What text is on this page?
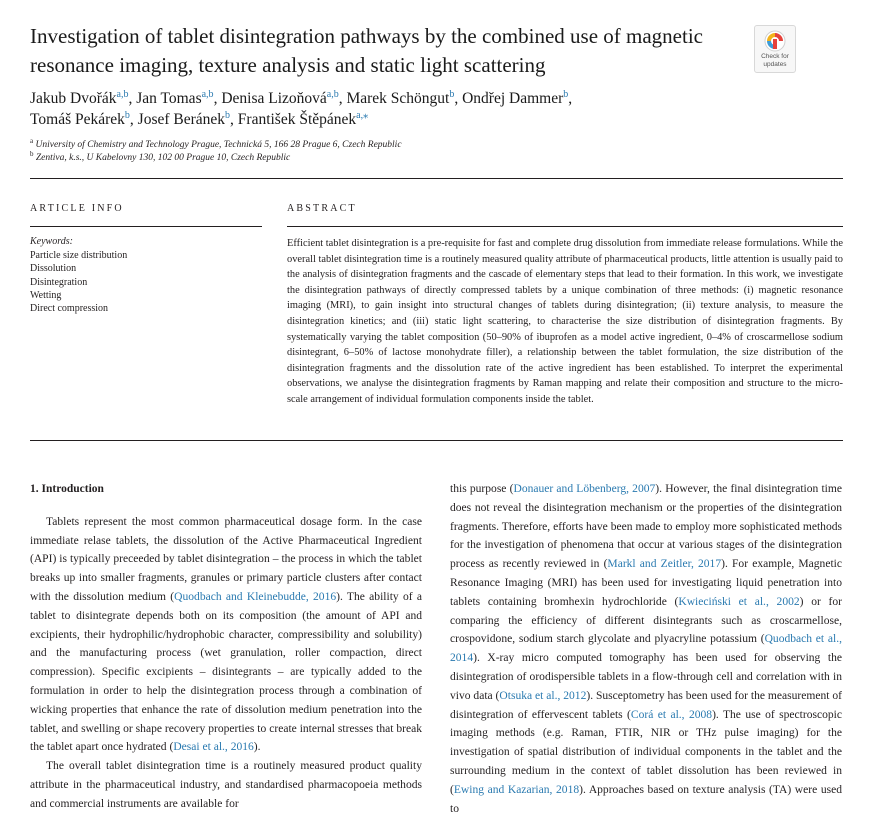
Investigation of tablet disintegration pathways by the combined use of magnetic resonance imaging, texture analysis and static light scattering	Check for
updates
Jakub Dvořák$^{a,b}$, Jan Tomas$^{a,b}$, Denisa Lizoňová$^{a,b}$, Marek Schöngut$^b$, Ondřej Dammer$^b$, Tomáš Pekárek$^b$, Josef Beránek$^b$, František Štěpánek$^{a,⁎}$
$^a$ University of Chemistry and Technology Prague, Technická 5, 166 28 Prague 6, Czech Republic
$^b$ Zentiva, k.s., U Kabelovny 130, 102 00 Prague 10, Czech Republic
ARTICLE INFO	ABSTRACT
Keywords:
Particle size distribution
Dissolution
Disintegration
Wetting
Direct compression
Efficient tablet disintegration is a pre-requisite for fast and complete drug dissolution from immediate release formulations. While the overall tablet disintegration time is a routinely measured quality attribute of pharmaceutical products, little attention is usually paid to the analysis of disintegration fragments and the cascade of elementary steps that lead to their formation. In this work, we investigate the disintegration pathways of directly compressed tablets by a unique combination of three methods: (i) magnetic resonance imaging (MRI), to gain insight into structural changes of tablets during disintegration; (ii) texture analysis, to measure the disintegration kinetics; and (iii) static light scattering, to characterise the size distribution of disintegration fragments. By systematically varying the tablet composition (50–90% of ibuprofen as a model active ingredient, 0–4% of croscarmellose sodium disintegrant, 6–50% of lactose monohydrate filler), a relationship between the tablet formulation, the size distribution of the disintegration fragments and the dissolution rate of the active ingredient has been established. To interpret the experimental observations, we analyse the disintegration fragments by Raman mapping and relate their composition and structure to the micro-scale arrangement of individual formulation components inside the tablet.

1. Introduction

Tablets represent the most common pharmaceutical dosage form. In the case immediate relase tablets, the dissolution of the Active Pharmaceutical Ingredient (API) is typically preceeded by tablet disintegration – the process in which the tablet breaks up into smaller fragments, granules or primary particle clusters after contact with the dissolution medium (Quodbach and Kleinebudde, 2016). The ability of a tablet to disintegrate depends both on its composition (the amount of API and excipients, their hydrophilic/hydrophobic character, compressibility and solubility) and the manufacturing process (wet granulation, roller compaction, direct compression). Specific excipients – disintegrants – are typically added to the formulation in order to help the disintegration process through a combination of wicking properties that enhance the rate of dissolution medium penetration into the tablet, and swelling or shape recovery properties to create internal stresses that break the tablet apart once hydrated (Desai et al., 2016).

The overall tablet disintegration time is a routinely measured product quality attribute in the pharmaceutical industry, and standardised pharmacopoeia methods and commercial instruments are available for

this purpose (Donauer and Löbenberg, 2007). However, the final disintegration time does not reveal the disintegration mechanism or the properties of the disintegration fragments. Therefore, efforts have been made to employ more sophisticated methods for the investigation of phenomena that occur at various stages of the disintegration process as recently reviewed in (Markl and Zeitler, 2017). For example, Magnetic Resonance Imaging (MRI) has been used for investigating liquid penetration into tablets containing bromhexin hydrochloride (Kwieciński et al., 2002) or for comparing the efficiency of different disintegrants such as croscarmellose, crospovidone, sodium starch glycolate and plyacryline potassium (Quodbach et al., 2014). X-ray micro computed tomography has been used for observing the disintegration of orodispersible tablets in a flow-through cell and correlation with in vivo data (Otsuka et al., 2012). Susceptometry has been used for the measurement of disintegration of effervescent tablets (Corá et al., 2008). The use of spectroscopic imaging methods (e.g. Raman, FTIR, NIR or THz pulse imaging) for the investigation of spatial distribution of individual components in the tablet and the surrounding medium in the context of tablet dissolution has been reviewed in (Ewing and Kazarian, 2018). Approaches based on texture analysis (TA) were used to
